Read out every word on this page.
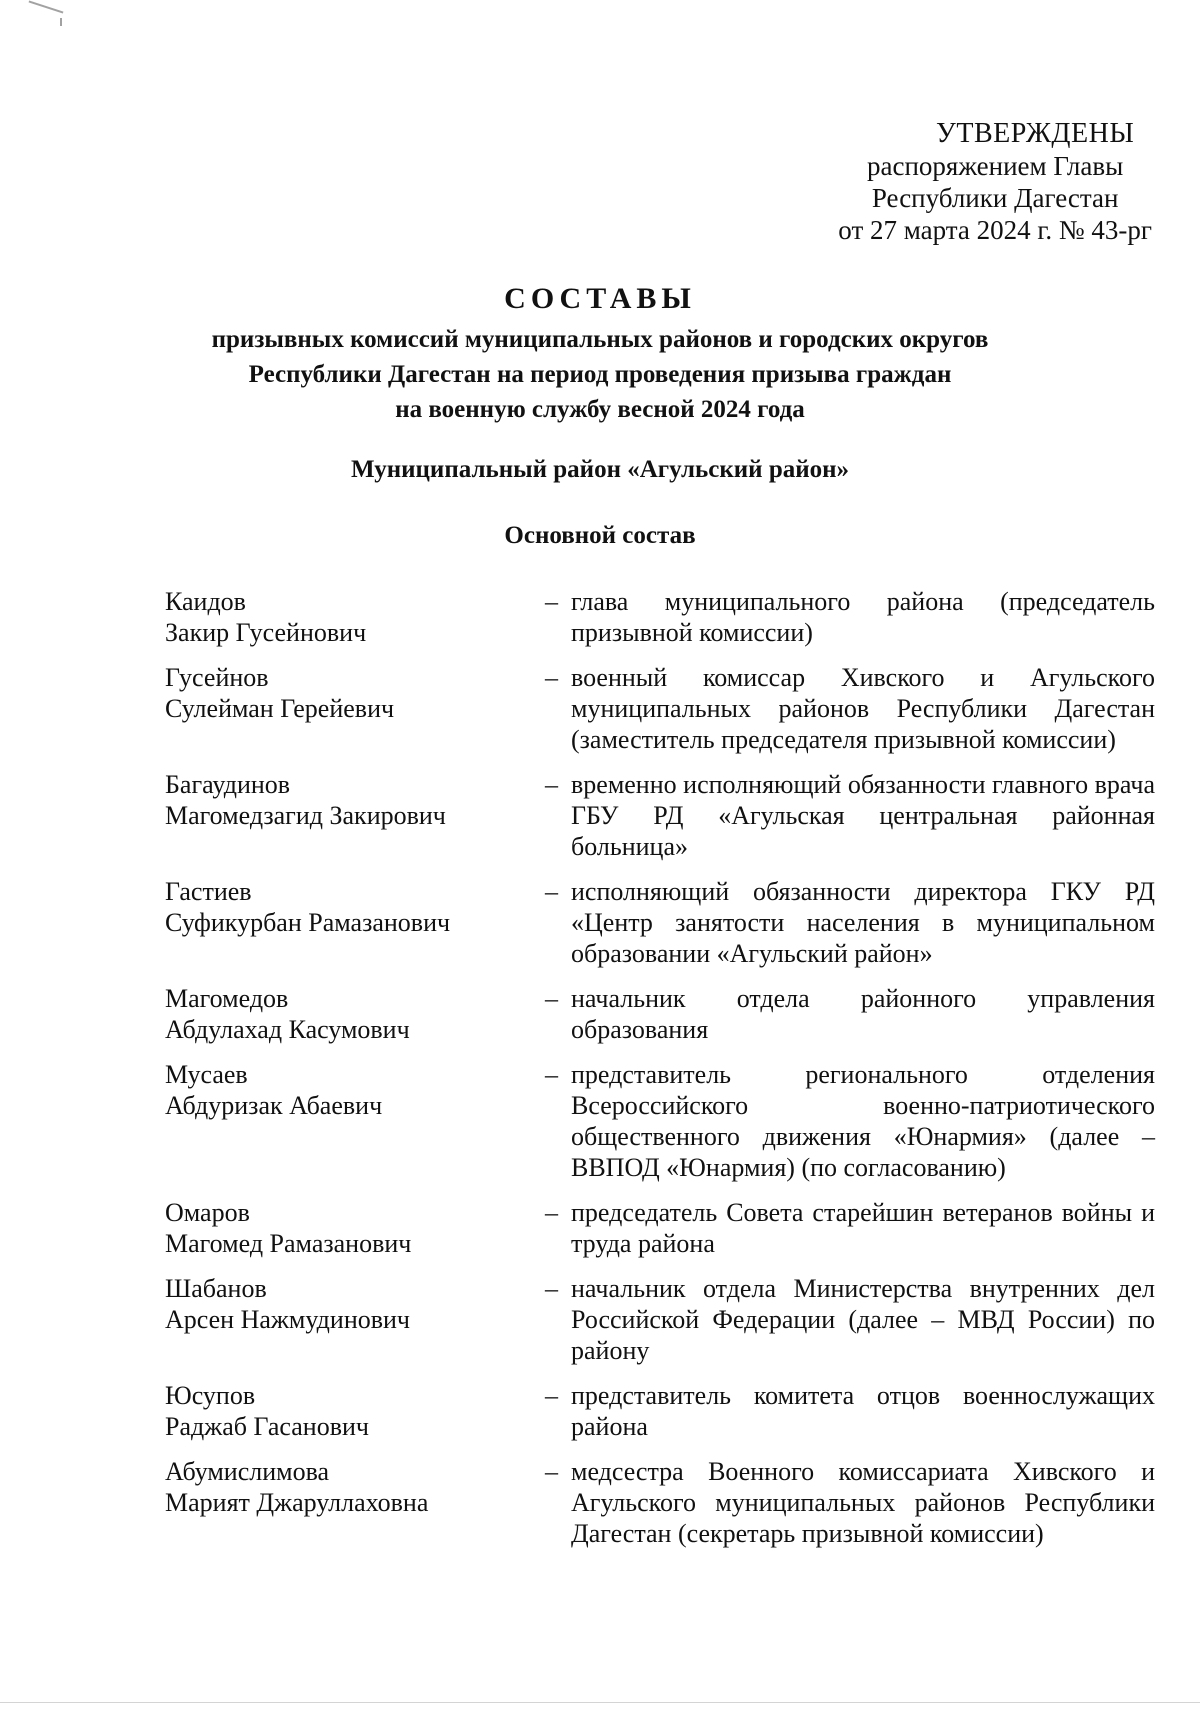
УТВЕРЖДЕНЫ
распоряжением Главы
Республики Дагестан
от 27 марта 2024 г. № 43-рг
СОСТАВЫ
призывных комиссий муниципальных районов и городских округов
Республики Дагестан на период проведения призыва граждан
на военную службу весной 2024 года
Муниципальный район «Агульский район»
Основной состав
Каидов
Закир Гусейнович
– глава муниципального района (председатель призывной комиссии)
Гусейнов
Сулейман Герейевич
– военный комиссар Хивского и Агульского муниципальных районов Республики Дагестан (заместитель председателя призывной комиссии)
Багаудинов
Магомедзагид Закирович
– временно исполняющий обязанности главного врача ГБУ РД «Агульская центральная районная больница»
Гастиев
Суфикурбан Рамазанович
– исполняющий обязанности директора ГКУ РД «Центр занятости населения в муниципальном образовании «Агульский район»
Магомедов
Абдулахад Касумович
– начальник отдела районного управления образования
Мусаев
Абдуризак Абаевич
– представитель регионального отделения Всероссийского военно-патриотического общественного движения «Юнармия» (далее – ВВПОД «Юнармия) (по согласованию)
Омаров
Магомед Рамазанович
– председатель Совета старейшин ветеранов войны и труда района
Шабанов
Арсен Нажмудинович
– начальник отдела Министерства внутренних дел Российской Федерации (далее – МВД России) по району
Юсупов
Раджаб Гасанович
– представитель комитета отцов военнослужащих района
Абумислимова
Марият Джаруллаховна
– медсестра Военного комиссариата Хивского и Агульского муниципальных районов Республики Дагестан (секретарь призывной комиссии)
